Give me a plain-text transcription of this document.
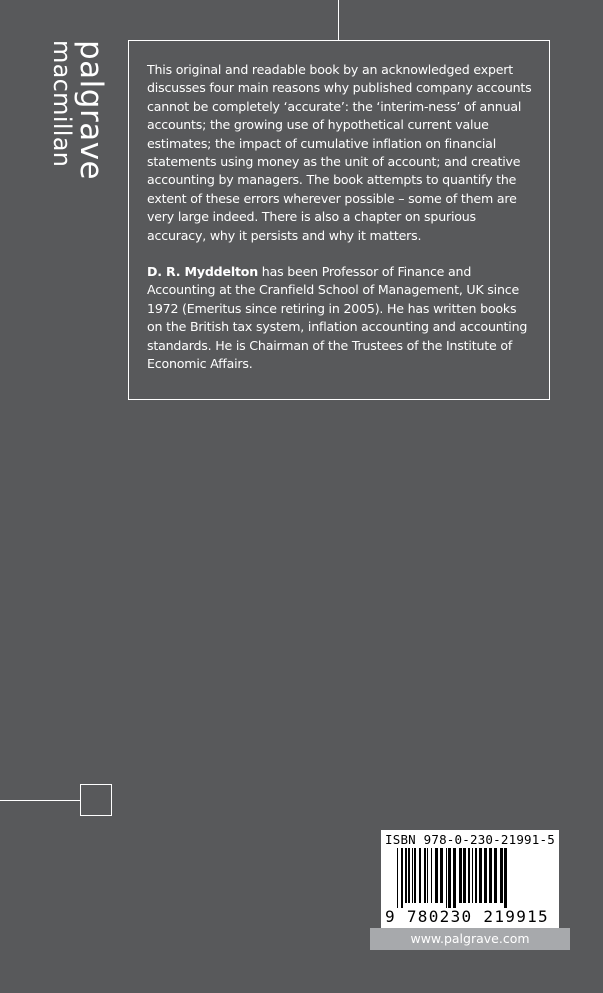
palgrave
macmillan	This original and readable book by an acknowledged expert discusses four main reasons why published company accounts cannot be completely ‘accurate’: the ‘interim-ness’ of annual accounts; the growing use of hypothetical current value estimates; the impact of cumulative inflation on financial statements using money as the unit of account; and creative accounting by managers. The book attempts to quantify the extent of these errors wherever possible – some of them are very large indeed. There is also a chapter on spurious accuracy, why it persists and why it matters.

D. R. Myddelton has been Professor of Finance and Accounting at the Cranfield School of Management, UK since 1972 (Emeritus since retiring in 2005). He has written books on the British tax system, inflation accounting and accounting standards. He is Chairman of the Trustees of the Institute of Economic Affairs.

ISBN 978-0-230-21991-5
9 780230 219915
www.palgrave.com
